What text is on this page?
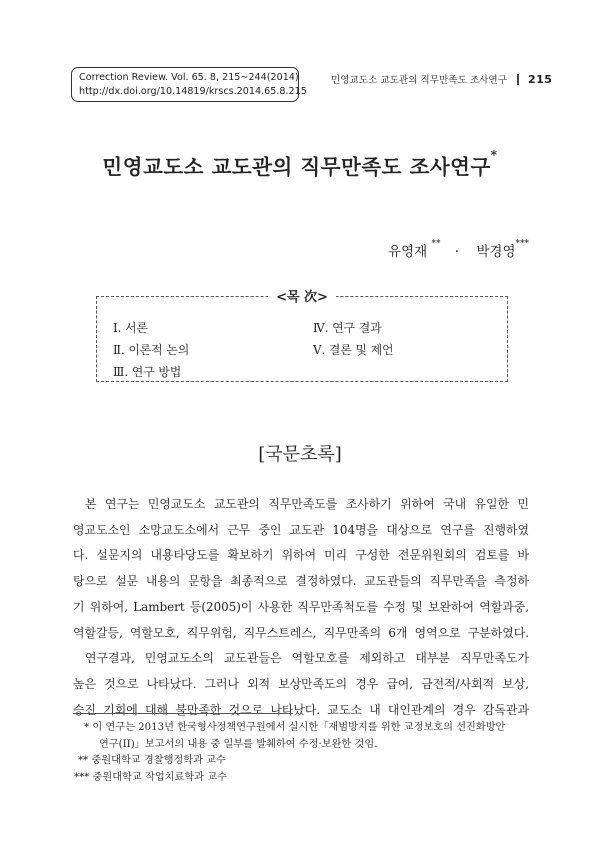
Correction Review. Vol. 65. 8, 215~244(2014)
http://dx.doi.org/10.14819/krscs.2014.65.8.215
민영교도소 교도관의 직무만족도 조사연구 215
민영교도소 교도관의 직무만족도 조사연구*
유영재 ** · 박경영***
<목 次>
Ⅰ. 서론
Ⅱ. 이론적 논의
Ⅲ. 연구 방법
Ⅳ. 연구 결과
Ⅴ. 결론 및 제언
[국문초록]

본 연구는 민영교도소 교도관의 직무만족도를 조사하기 위하여 국내 유일한 민

영교도소인 소망교도소에서 근무 중인 교도관 104명을 대상으로 연구를 진행하였

다. 설문지의 내용타당도를 확보하기 위하여 미리 구성한 전문위원회의 검토를 바

탕으로 설문 내용의 문항을 최종적으로 결정하였다. 교도관들의 직무만족을 측정하

기 위하여, Lambert 등(2005)이 사용한 직무만족척도를 수정 및 보완하여 역할과중,

역할갈등, 역할모호, 직무위험, 직무스트레스, 직무만족의 6개 영역으로 구분하였다.

연구결과, 민영교도소의 교도관들은 역할모호를 제외하고 대부분 직무만족도가

높은 것으로 나타났다. 그러나 외적 보상만족도의 경우 급여, 금전적/사회적 보상,

승진 기회에 대해 불만족한 것으로 나타났다. 교도소 내 대인관계의 경우 감독관과

* 이 연구는 2013년 한국형사정책연구원에서 실시한「재범방지를 위한 교정보호의 선진화방안
연구(II)」보고서의 내용 중 일부를 발췌하여 수정·보완한 것임.
** 중원대학교 경찰행정학과 교수
*** 중원대학교 작업치료학과 교수
